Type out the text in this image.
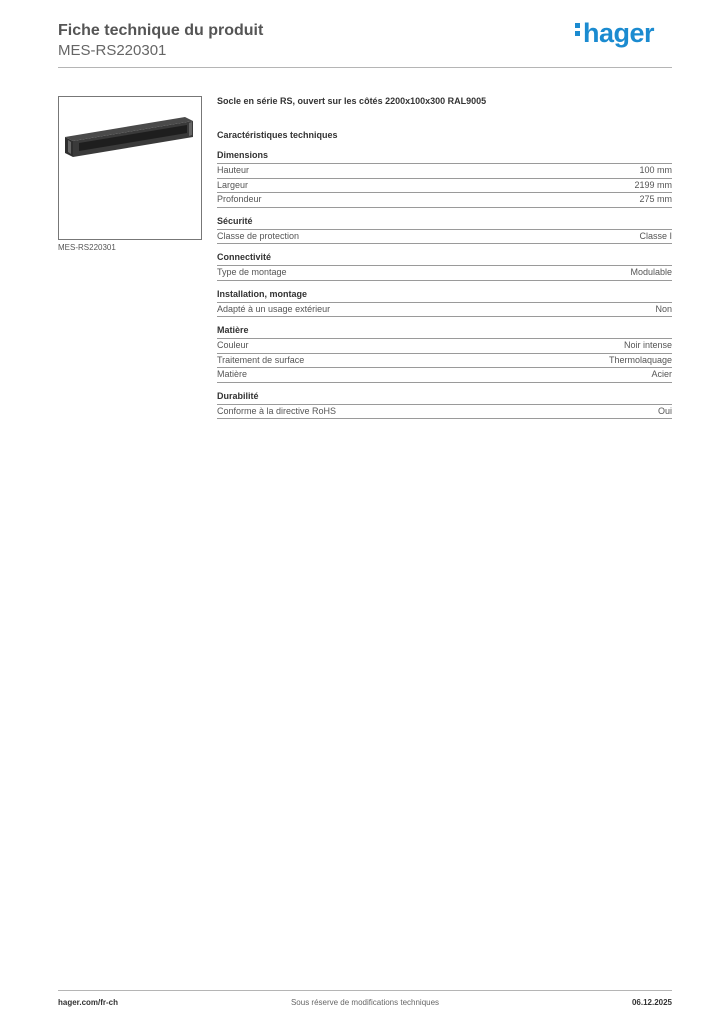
Fiche technique du produit
MES-RS220301
hager
MES-RS220301
Socle en série RS, ouvert sur les côtés 2200x100x300 RAL9005
Caractéristiques techniques
Dimensions
Hauteur	100 mm
Largeur	2199 mm
Profondeur	275 mm
Sécurité
Classe de protection	Classe I
Connectivité
Type de montage	Modulable
Installation, montage
Adapté à un usage extérieur	Non
Matière
Couleur	Noir intense
Traitement de surface	Thermolaquage
Matière	Acier
Durabilité
Conforme à la directive RoHS	Oui
hager.com/fr-ch	Sous réserve de modifications techniques	06.12.2025
